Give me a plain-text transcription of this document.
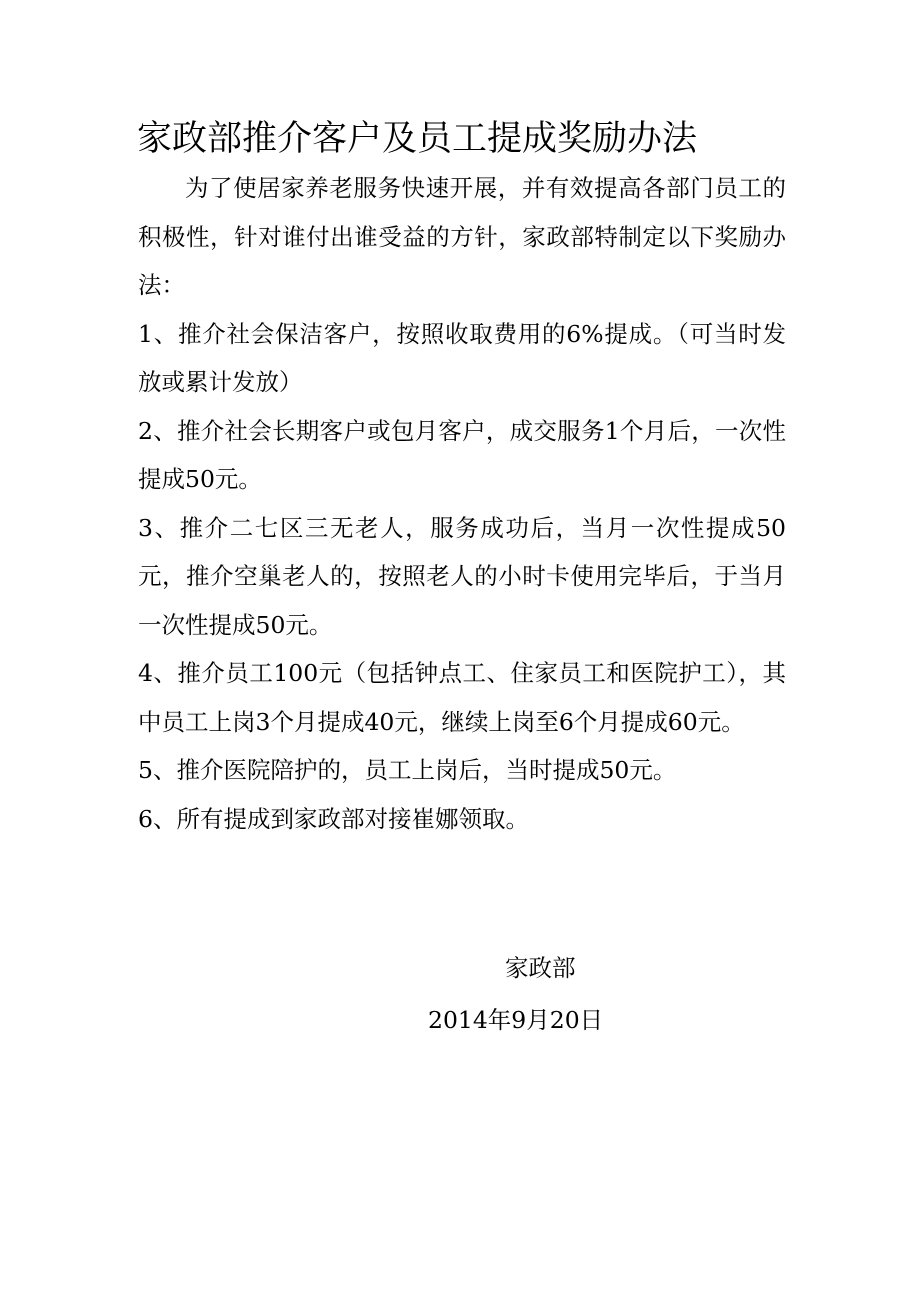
家政部推介客户及员工提成奖励办法

为了使居家养老服务快速开展，并有效提高各部门员工的积极性，针对谁付出谁受益的方针，家政部特制定以下奖励办法：

1、推介社会保洁客户，按照收取费用的6%提成。（可当时发放或累计发放）

2、推介社会长期客户或包月客户，成交服务1个月后，一次性提成50元。

3、推介二七区三无老人，服务成功后，当月一次性提成50元，推介空巢老人的，按照老人的小时卡使用完毕后，于当月一次性提成50元。

4、推介员工100元（包括钟点工、住家员工和医院护工），其中员工上岗3个月提成40元，继续上岗至6个月提成60元。

5、推介医院陪护的，员工上岗后，当时提成50元。

6、所有提成到家政部对接崔娜领取。

家政部
2014年9月20日
